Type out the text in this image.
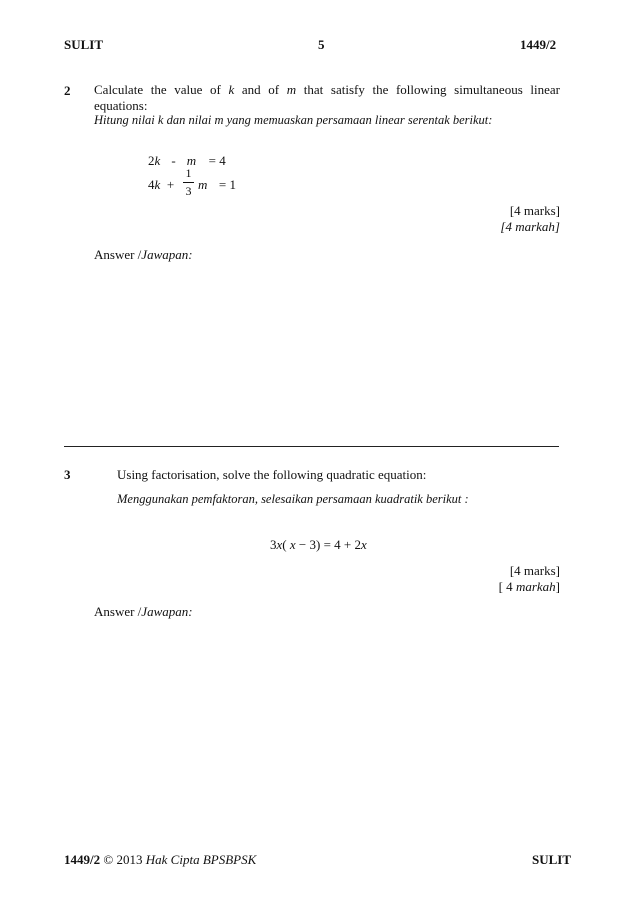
SULIT	5	1449/2
2 Calculate the value of k and of m that satisfy the following simultaneous linear
equations:
Hitung nilai k dan nilai m yang memuaskan persamaan linear serentak berikut:
2k - m = 4
4k +
1
3 m = 1
[4 marks]
[4 markah]
Answer /Jawapan:
3	Using factorisation, solve the following quadratic equation:
Menggunakan pemfaktoran, selesaikan persamaan kuadratik berikut :
3x( x − 3) = 4 + 2x
[4 marks]
[ 4 markah]
Answer /Jawapan:
1449/2 © 2013 Hak Cipta BPSBPSK	SULIT
